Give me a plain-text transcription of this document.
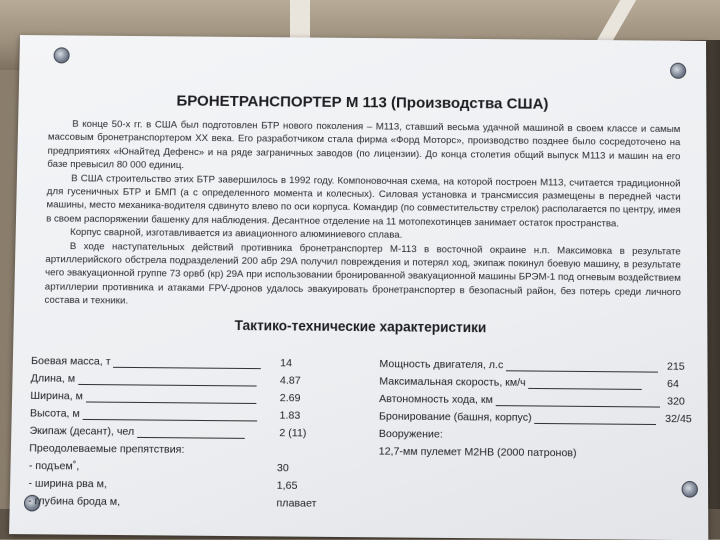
БРОНЕТРАНСПОРТЕР М 113 (Производства США)

В конце 50-х гг. в США был подготовлен БТР нового поколения – М113, ставший весьма удачной машиной в своем классе и самым массовым бронетранспортером ХХ века. Его разработчиком стала фирма «Форд Моторс», производство позднее было сосредоточено на предприятиях «Юнайтед Дефенс» и на ряде заграничных заводов (по лицензии). До конца столетия общий выпуск М113 и машин на его базе превысил 80 000 единиц.

В США строительство этих БТР завершилось в 1992 году. Компоновочная схема, на которой построен М113, считается традиционной для гусеничных БТР и БМП (а с определенного момента и колесных). Силовая установка и трансмиссия размещены в передней части машины, место механика-водителя сдвинуто влево по оси корпуса. Командир (по совместительству стрелок) располагается по центру, имея в своем распоряжении башенку для наблюдения. Десантное отделение на 11 мотопехотинцев занимает остаток пространства.

Корпус сварной, изготавливается из авиационного алюминиевого сплава.

В ходе наступательных действий противника бронетранспортер М-113 в восточной окраине н.п. Максимовка в результате артиллерийского обстрела подразделений 200 абр 29А получил повреждения и потерял ход, экипаж покинул боевую машину, в результате чего эвакуационной группе 73 орвб (кр) 29А при использовании бронированной эвакуационной машины БРЭМ-1 под огневым воздействием артиллерии противника и атаками FPV-дронов удалось эвакуировать бронетранспортер в безопасный район, без потерь среди личного состава и техники.

Тактико-технические характеристики
Боевая масса, т	14
Длина, м	4.87
Ширина, м	2.69
Высота, м	1.83
Экипаж (десант), чел	2 (11)
Преодолеваемые препятствия:
- подъем˚,	30
- ширина рва м,	1,65
- глубина брода м,	плавает
Мощность двигателя, л.с	215
Максимальная скорость, км/ч	64
Автономность хода, км	320
Бронирование (башня, корпус)	32/45
Вооружение:
12,7-мм пулемет М2НВ (2000 патронов)
